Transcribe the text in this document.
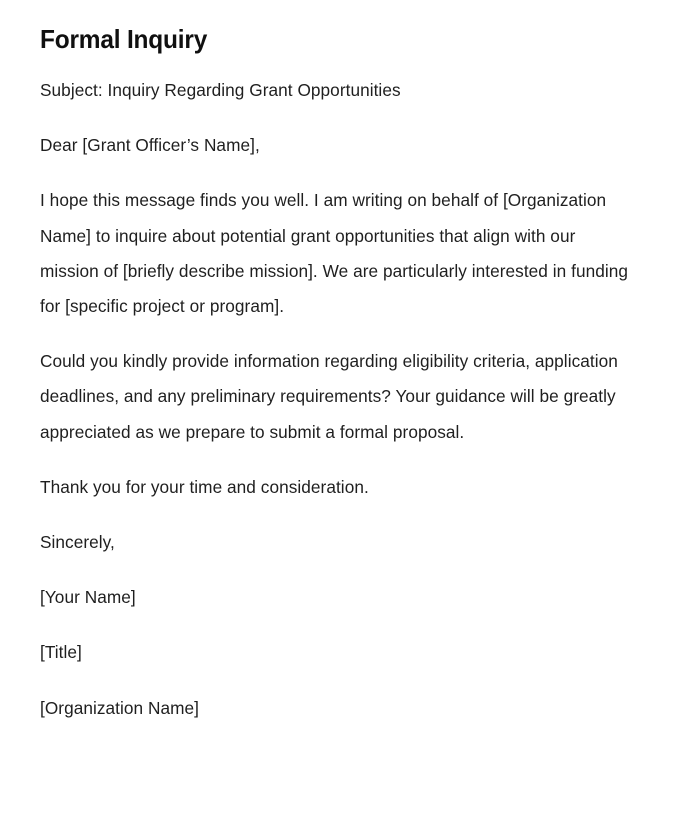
Formal Inquiry

Subject: Inquiry Regarding Grant Opportunities

Dear [Grant Officer’s Name],

I hope this message finds you well. I am writing on behalf of [Organization Name] to inquire about potential grant opportunities that align with our mission of [briefly describe mission]. We are particularly interested in funding for [specific project or program].

Could you kindly provide information regarding eligibility criteria, application deadlines, and any preliminary requirements? Your guidance will be greatly appreciated as we prepare to submit a formal proposal.

Thank you for your time and consideration.

Sincerely,

[Your Name]

[Title]

[Organization Name]
